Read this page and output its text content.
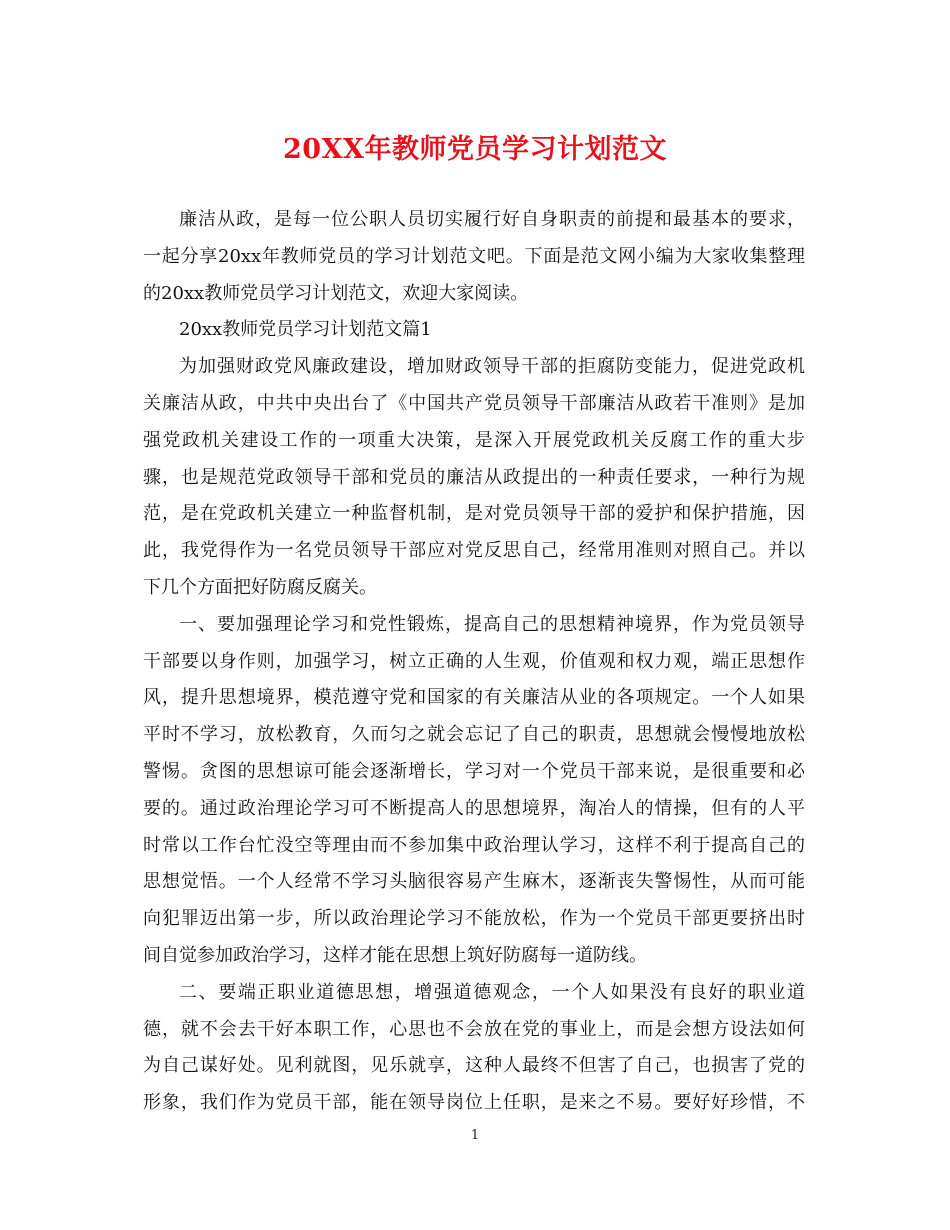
20XX年教师党员学习计划范文
廉洁从政，是每一位公职人员切实履行好自身职责的前提和最基本的要求，
一起分享20xx年教师党员的学习计划范文吧。下面是范文网小编为大家收集整理
的20xx教师党员学习计划范文，欢迎大家阅读。
20xx教师党员学习计划范文篇1
为加强财政党风廉政建设，增加财政领导干部的拒腐防变能力，促进党政机
关廉洁从政，中共中央出台了《中国共产党员领导干部廉洁从政若干准则》是加
强党政机关建设工作的一项重大决策，是深入开展党政机关反腐工作的重大步
骤，也是规范党政领导干部和党员的廉洁从政提出的一种责任要求，一种行为规
范，是在党政机关建立一种监督机制，是对党员领导干部的爱护和保护措施，因
此，我党得作为一名党员领导干部应对党反思自己，经常用准则对照自己。并以
下几个方面把好防腐反腐关。
一、要加强理论学习和党性锻炼，提高自己的思想精神境界，作为党员领导
干部要以身作则，加强学习，树立正确的人生观，价值观和权力观，端正思想作
风，提升思想境界，模范遵守党和国家的有关廉洁从业的各项规定。一个人如果
平时不学习，放松教育，久而匀之就会忘记了自己的职责，思想就会慢慢地放松
警惕。贪图的思想谅可能会逐渐增长，学习对一个党员干部来说，是很重要和必
要的。通过政治理论学习可不断提高人的思想境界，淘冶人的情操，但有的人平
时常以工作台忙没空等理由而不参加集中政治理认学习，这样不利于提高自己的
思想觉悟。一个人经常不学习头脑很容易产生麻木，逐渐丧失警惕性，从而可能
向犯罪迈出第一步，所以政治理论学习不能放松，作为一个党员干部更要挤出时
间自觉参加政治学习，这样才能在思想上筑好防腐每一道防线。
二、要端正职业道德思想，增强道德观念，一个人如果没有良好的职业道
德，就不会去干好本职工作，心思也不会放在党的事业上，而是会想方设法如何
为自己谋好处。见利就图，见乐就享，这种人最终不但害了自己，也损害了党的
形象，我们作为党员干部，能在领导岗位上任职，是来之不易。要好好珍惜，不
1
